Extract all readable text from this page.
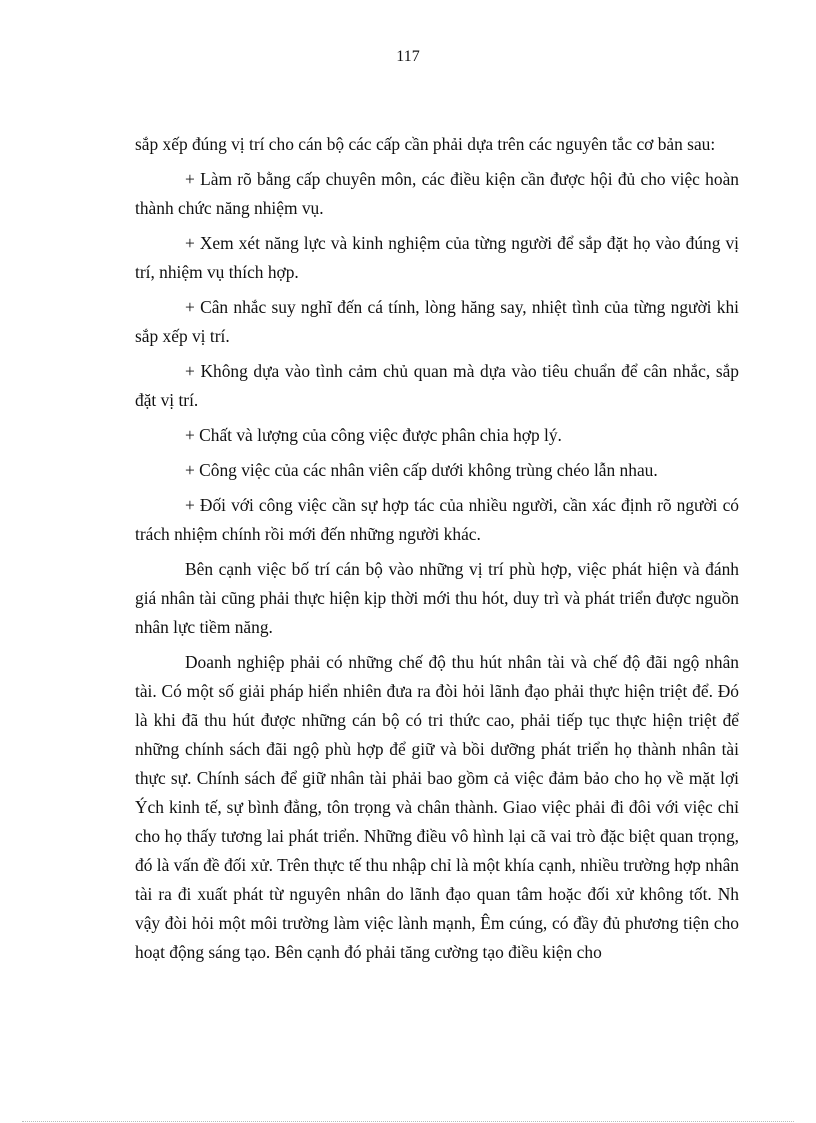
117

sắp xếp đúng vị trí cho cán bộ các cấp cần phải dựa trên các nguyên tắc cơ bản sau:

+ Làm rõ bằng cấp chuyên môn, các điều kiện cần được hội đủ cho việc hoàn thành chức năng nhiệm vụ.

+ Xem xét năng lực và kinh nghiệm của từng người để sắp đặt họ vào đúng vị trí, nhiệm vụ thích hợp.

+ Cân nhắc suy nghĩ đến cá tính, lòng hăng say, nhiệt tình của từng người khi sắp xếp vị trí.

+ Không dựa vào tình cảm chủ quan mà dựa vào tiêu chuẩn để cân nhắc, sắp đặt vị trí.

+ Chất và lượng của công việc được phân chia hợp lý.

+ Công việc của các nhân viên cấp dưới không trùng chéo lẫn nhau.

+ Đối với công việc cần sự hợp tác của nhiều người, cần xác định rõ người có trách nhiệm chính rồi mới đến những người khác.

Bên cạnh việc bố trí cán bộ vào những vị trí phù hợp, việc phát hiện và đánh giá nhân tài cũng phải thực hiện kịp thời mới thu hót, duy trì và phát triển được nguồn nhân lực tiềm năng.

Doanh nghiệp phải có những chế độ thu hút nhân tài và chế độ đãi ngộ nhân tài. Có một số giải pháp hiển nhiên đưa ra đòi hỏi lãnh đạo phải thực hiện triệt để. Đó là khi đã thu hút được những cán bộ có tri thức cao, phải tiếp tục thực hiện triệt để những chính sách đãi ngộ phù hợp để giữ và bồi dưỡng phát triển họ thành nhân tài thực sự. Chính sách để giữ nhân tài phải bao gồm cả việc đảm bảo cho họ về mặt lợi Ých kinh tế, sự bình đẳng, tôn trọng và chân thành. Giao việc phải đi đôi với việc chỉ cho họ thấy tương lai phát triển. Những điều vô hình lại cã vai trò đặc biệt quan trọng, đó là vấn đề đối xử. Trên thực tế thu nhập chỉ là một khía cạnh, nhiều trường hợp nhân tài ra đi xuất phát từ nguyên nhân do lãnh đạo quan tâm hoặc đối xử không tốt. Nh vậy đòi hỏi một môi trường làm việc lành mạnh, Êm cúng, có đầy đủ phương tiện cho hoạt động sáng tạo. Bên cạnh đó phải tăng cường tạo điều kiện cho
